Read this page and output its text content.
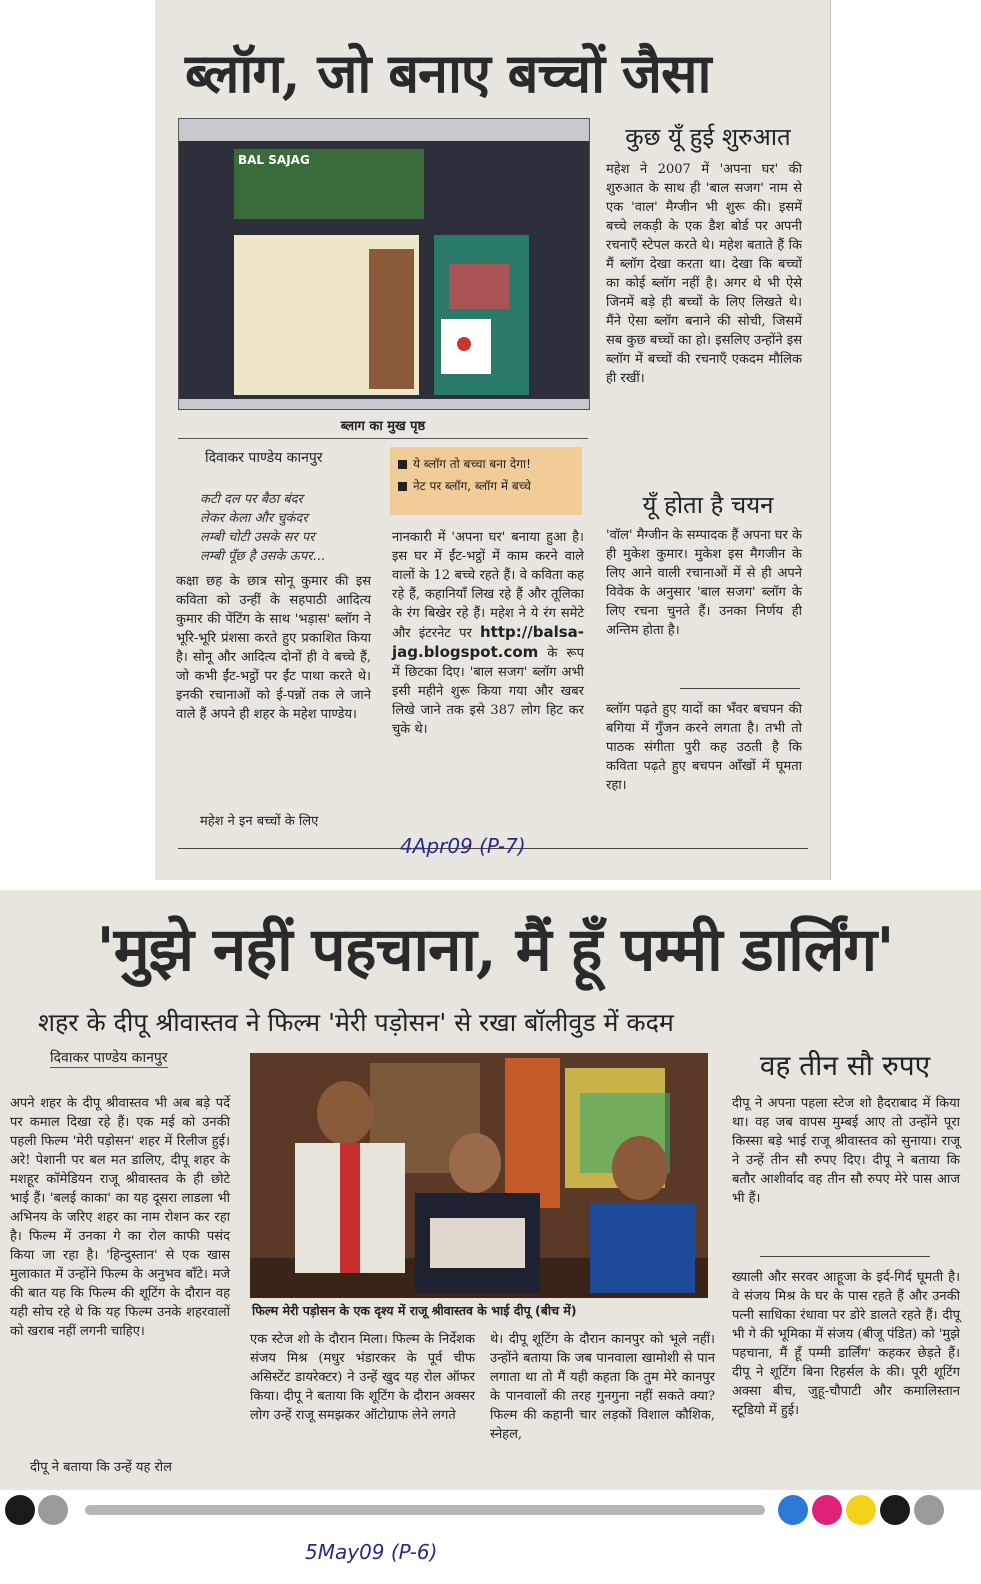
ब्लॉग, जो बनाए बच्चों जैसा
BAL SAJAG
ब्लाग का मुख पृष्ठ
दिवाकर पाण्डेय कानपुर
कटी दल पर बैठा बंदर
लेकर केला और चुकंदर
लम्बी चोटी उसके सर पर
लम्बी पूँछ है उसके ऊपर...
कक्षा छह के छात्र सोनू कुमार की इस कविता को उन्हीं के सहपाठी आदित्य कुमार की पेंटिंग के साथ 'भड़ास' ब्लॉग ने भूरि-भूरि प्रंशसा करते हुए प्रकाशित किया है। सोनू और आदित्य दोनों ही वे बच्चे हैं, जो कभी ईंट-भट्ठों पर ईंट पाथा करते थे। इनकी रचानाओं को ई-पन्नों तक ले जाने वाले हैं अपने ही शहर के महेश पाण्डेय।
महेश ने इन बच्चों के लिए
ये ब्लॉग तो बच्चा बना देगा!
नेट पर ब्लॉग, ब्लॉग में बच्चे
नानकारी में 'अपना घर' बनाया हुआ है। इस घर में ईंट-भट्ठों में काम करने वाले वालों के 12 बच्चे रहते हैं। वे कविता कह रहे हैं, कहानियाँ लिख रहे हैं और तूलिका के रंग बिखेर रहे हैं। महेश ने ये रंग समेटे और इंटरनेट पर http://balsa-jag.blogspot.com के रूप में छिटका दिए। 'बाल सजग' ब्लॉग अभी इसी महीने शुरू किया गया और खबर लिखे जाने तक इसे 387 लोग हिट कर चुके थे।
कुछ यूँ हुई शुरुआत
महेश ने 2007 में 'अपना घर' की शुरुआत के साथ ही 'बाल सजग' नाम से एक 'वाल' मैग्जीन भी शुरू की। इसमें बच्चे लकड़ी के एक डैश बोर्ड पर अपनी रचनाएँ स्टेपल करते थे। महेश बताते हैं कि मैं ब्लॉग देखा करता था। देखा कि बच्चों का कोई ब्लॉग नहीं है। अगर थे भी ऐसे जिनमें बड़े ही बच्चों के लिए लिखते थे। मैंने ऐसा ब्लॉग बनाने की सोची, जिसमें सब कुछ बच्चों का हो। इसलिए उन्होंने इस ब्लॉग में बच्चों की रचनाएँ एकदम मौलिक ही रखीं।
यूँ होता है चयन
'वॉल' मैग्जीन के सम्पादक हैं अपना घर के ही मुकेश कुमार। मुकेश इस मैगजीन के लिए आने वाली रचानाओं में से ही अपने विवेक के अनुसार 'बाल सजग' ब्लॉग के लिए रचना चुनते हैं। उनका निर्णय ही अन्तिम होता है।
ब्लॉग पढ़ते हुए यादों का भँवर बचपन की बगिया में गुँजन करने लगता है। तभी तो पाठक संगीता पुरी कह उठती है कि कविता पढ़ते हुए बचपन आँखों में घूमता रहा।
4Apr09 (P-7)
'मुझे नहीं पहचाना, मैं हूँ पम्मी डार्लिंग'
शहर के दीपू श्रीवास्तव ने फिल्म 'मेरी पड़ोसन' से रखा बॉलीवुड में कदम
दिवाकर पाण्डेय कानपुर
अपने शहर के दीपू श्रीवास्तव भी अब बड़े पर्दे पर कमाल दिखा रहे हैं। एक मई को उनकी पहली फिल्म 'मेरी पड़ोसन' शहर में रिलीज हुई। अरे! पेशानी पर बल मत डालिए, दीपू शहर के मशहूर कॉमेडियन राजू श्रीवास्तव के ही छोटे भाई हैं। 'बलई काका' का यह दूसरा लाडला भी अभिनय के जरिए शहर का नाम रोशन कर रहा है। फिल्म में उनका गे का रोल काफी पसंद किया जा रहा है। 'हिन्दुस्तान' से एक खास मुलाकात में उन्होंने फिल्म के अनुभव बाँटे। मजे की बात यह कि फिल्म की शूटिंग के दौरान वह यही सोच रहे थे कि यह फिल्म उनके शहरवालों को खराब नहीं लगनी चाहिए।
दीपू ने बताया कि उन्हें यह रोल
फिल्म मेरी पड़ोसन के एक दृश्य में राजू श्रीवास्तव के भाई दीपू (बीच में)
एक स्टेज शो के दौरान मिला। फिल्म के निर्देशक संजय मिश्र (मधुर भंडारकर के पूर्व चीफ असिस्टेंट डायरेक्टर) ने उन्हें खुद यह रोल ऑफर किया। दीपू ने बताया कि शूटिंग के दौरान अक्सर लोग उन्हें राजू समझकर ऑटोग्राफ लेने लगते
थे। दीपू शूटिंग के दौरान कानपुर को भूले नहीं। उन्होंने बताया कि जब पानवाला खामोशी से पान लगाता था तो मैं यही कहता कि तुम मेरे कानपुर के पानवालों की तरह गुनगुना नहीं सकते क्या? फिल्म की कहानी चार लड़कों विशाल कौशिक, स्नेहल,
वह तीन सौ रुपए
दीपू ने अपना पहला स्टेज शो हैदराबाद में किया था। वह जब वापस मुम्बई आए तो उन्होंने पूरा किस्सा बड़े भाई राजू श्रीवास्तव को सुनाया। राजू ने उन्हें तीन सौ रुपए दिए। दीपू ने बताया कि बतौर आशीर्वाद वह तीन सौ रुपए मेरे पास आज भी हैं।
ख्याली और सरवर आहूजा के इर्द-गिर्द घूमती है। वे संजय मिश्र के घर के पास रहते हैं और उनकी पत्नी साधिका रंधावा पर डोरे डालते रहते हैं। दीपू भी गे की भूमिका में संजय (बीजू पंडित) को 'मुझे पहचाना, मैं हूँ पम्मी डार्लिंग' कहकर छेड़ते हैं। दीपू ने शूटिंग बिना रिहर्सल के की। पूरी शूटिंग अक्सा बीच, जुहू-चौपाटी और कमालिस्तान स्टूडियो में हुई।
5May09 (P-6)
